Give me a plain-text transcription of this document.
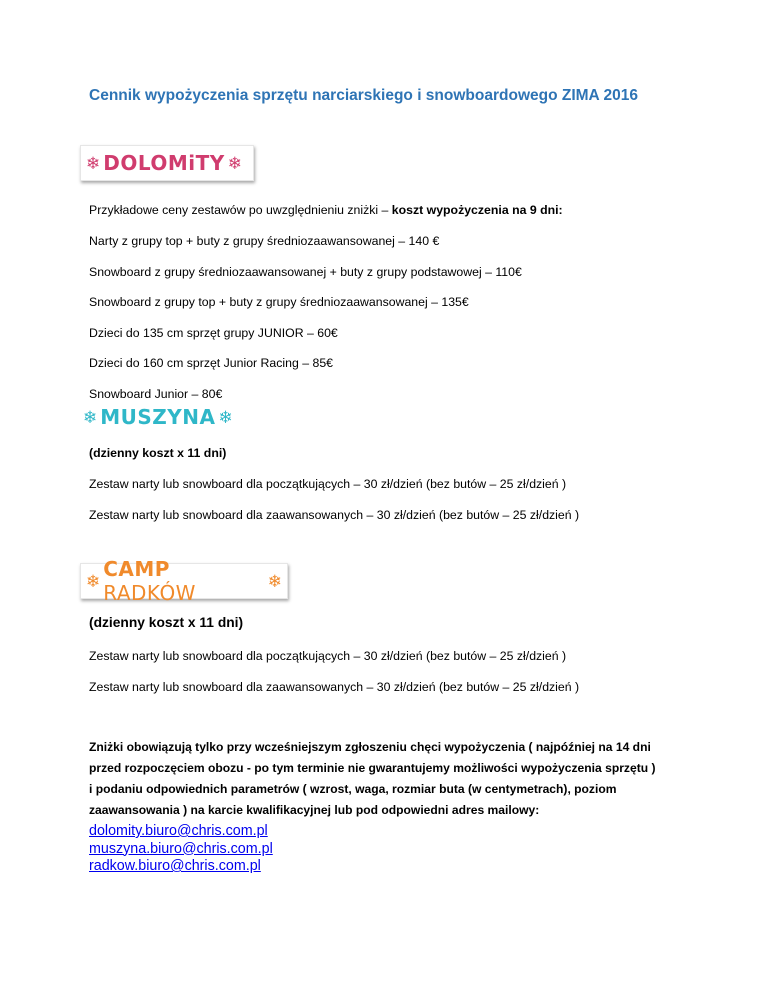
Cennik wypożyczenia sprzętu narciarskiego i snowboardowego ZIMA 2016
❄ DOLOMiTY ❄
Przykładowe ceny zestawów po uwzględnieniu zniżki – koszt wypożyczenia na 9 dni:
Narty z grupy top + buty z grupy średniozaawansowanej – 140 €
Snowboard z grupy średniozaawansowanej + buty z grupy podstawowej – 110€
Snowboard z grupy top + buty z grupy średniozaawansowanej – 135€
Dzieci do 135 cm sprzęt grupy JUNIOR – 60€
Dzieci do 160 cm sprzęt Junior Racing – 85€
Snowboard Junior – 80€
❄ MUSZYNA ❄
(dzienny koszt x 11 dni)
Zestaw narty lub snowboard dla początkujących – 30 zł/dzień (bez butów – 25 zł/dzień )
Zestaw narty lub snowboard dla zaawansowanych – 30 zł/dzień (bez butów – 25 zł/dzień )
❄ CAMP RADKÓW	❄
(dzienny koszt x 11 dni)
Zestaw narty lub snowboard dla początkujących – 30 zł/dzień (bez butów – 25 zł/dzień )
Zestaw narty lub snowboard dla zaawansowanych – 30 zł/dzień (bez butów – 25 zł/dzień )
Zniżki obowiązują tylko przy wcześniejszym zgłoszeniu chęci wypożyczenia ( najpóźniej na 14 dni
przed rozpoczęciem obozu - po tym terminie nie gwarantujemy możliwości wypożyczenia sprzętu )
i podaniu odpowiednich parametrów ( wzrost, waga, rozmiar buta (w centymetrach), poziom
zaawansowania ) na karcie kwalifikacyjnej lub pod odpowiedni adres mailowy:
dolomity.biuro@chris.com.pl
muszyna.biuro@chris.com.pl
radkow.biuro@chris.com.pl
